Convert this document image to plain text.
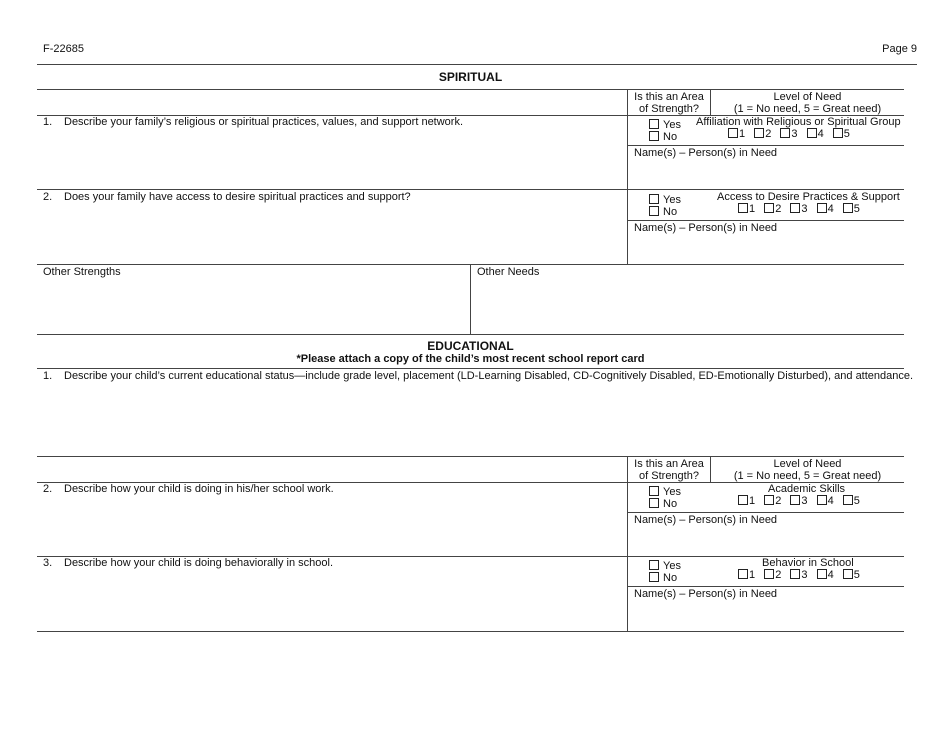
F-22685	Page 9
SPIRITUAL
Is this an Area
of Strength?
Level of Need
(1 = No need, 5 = Great need)
1. Describe your family’s religious or spiritual practices, values, and support network.	Yes
No
Affiliation with Religious or Spiritual Group
1 2 3 4 5
Name(s) – Person(s) in Need
2. Does your family have access to desire spiritual practices and support?	Yes
No
Access to Desire Practices & Support
1 2 3 4 5
Name(s) – Person(s) in Need
Other Strengths	Other Needs
EDUCATIONAL
*Please attach a copy of the child’s most recent school report card
1. Describe your child’s current educational status—include grade level, placement (LD-Learning Disabled, CD-Cognitively Disabled, ED-Emotionally Disturbed), and attendance.
Is this an Area
of Strength?
Level of Need
(1 = No need, 5 = Great need)
2. Describe how your child is doing in his/her school work.	Yes
No
Academic Skills
1 2 3 4 5
Name(s) – Person(s) in Need
3. Describe how your child is doing behaviorally in school.	Yes
No
Behavior in School
1 2 3 4 5
Name(s) – Person(s) in Need
